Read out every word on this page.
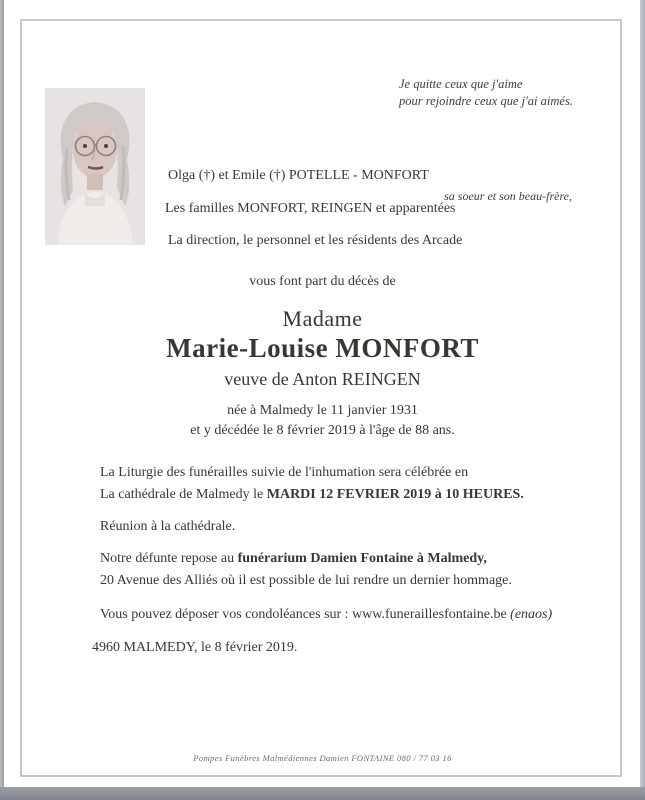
Je quitte ceux que j'aime
pour rejoindre ceux que j'ai aimés.
Olga (†) et Emile (†) POTELLE - MONFORT
sa soeur et son beau-frère,
Les familles MONFORT, REINGEN et apparentées
La direction, le personnel et les résidents des Arcade
vous font part du décès de
Madame
Marie-Louise MONFORT
veuve de Anton REINGEN
née à Malmedy le 11 janvier 1931
et y décédée le 8 février 2019 à l'âge de 88 ans.
La Liturgie des funérailles suivie de l'inhumation sera célébrée en
La cathédrale de Malmedy le MARDI 12 FEVRIER 2019 à 10 HEURES.
Réunion à la cathédrale.
Notre défunte repose au funérarium Damien Fontaine à Malmedy,
20 Avenue des Alliés où il est possible de lui rendre un dernier hommage.
Vous pouvez déposer vos condoléances sur : www.funeraillesfontaine.be (enaos)
4960 MALMEDY, le 8 février 2019.
Pompes Funèbres Malmédiennes Damien FONTAINE 080 / 77 03 16
